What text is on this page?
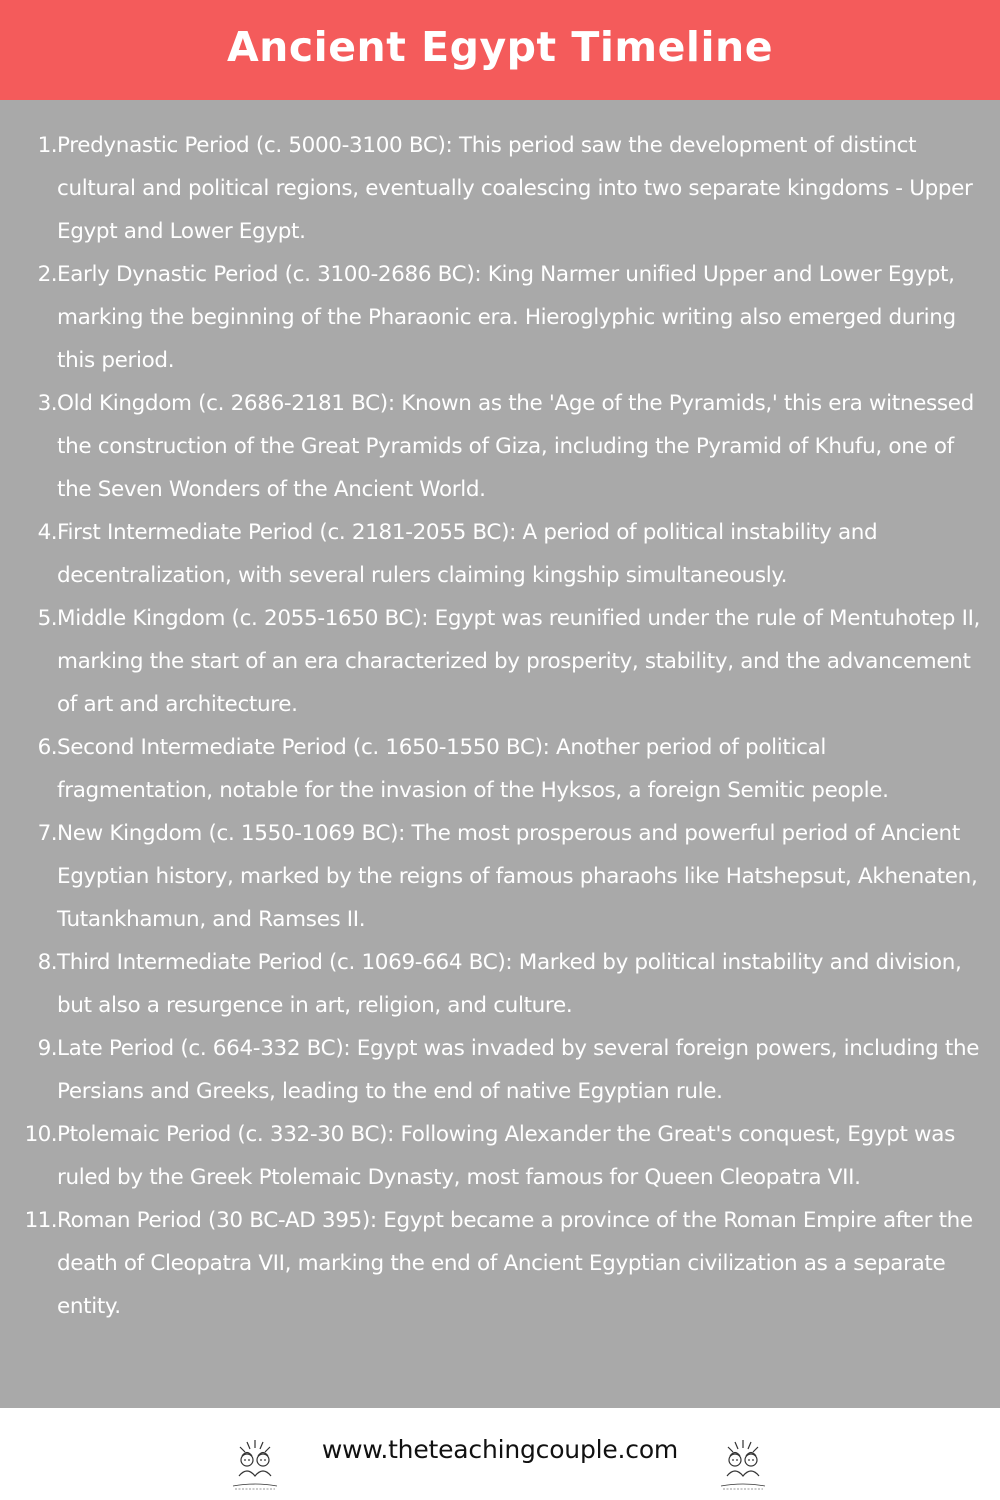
Ancient Egypt Timeline
1. Predynastic Period (c. 5000-3100 BC): This period saw the development of distinct cultural and political regions, eventually coalescing into two separate kingdoms - Upper Egypt and Lower Egypt.
2. Early Dynastic Period (c. 3100-2686 BC): King Narmer unified Upper and Lower Egypt, marking the beginning of the Pharaonic era. Hieroglyphic writing also emerged during this period.
3. Old Kingdom (c. 2686-2181 BC): Known as the 'Age of the Pyramids,' this era witnessed the construction of the Great Pyramids of Giza, including the Pyramid of Khufu, one of the Seven Wonders of the Ancient World.
4. First Intermediate Period (c. 2181-2055 BC): A period of political instability and decentralization, with several rulers claiming kingship simultaneously.
5. Middle Kingdom (c. 2055-1650 BC): Egypt was reunified under the rule of Mentuhotep II, marking the start of an era characterized by prosperity, stability, and the advancement of art and architecture.
6. Second Intermediate Period (c. 1650-1550 BC): Another period of political fragmentation, notable for the invasion of the Hyksos, a foreign Semitic people.
7. New Kingdom (c. 1550-1069 BC): The most prosperous and powerful period of Ancient Egyptian history, marked by the reigns of famous pharaohs like Hatshepsut, Akhenaten, Tutankhamun, and Ramses II.
8. Third Intermediate Period (c. 1069-664 BC): Marked by political instability and division, but also a resurgence in art, religion, and culture.
9. Late Period (c. 664-332 BC): Egypt was invaded by several foreign powers, including the Persians and Greeks, leading to the end of native Egyptian rule.
10. Ptolemaic Period (c. 332-30 BC): Following Alexander the Great's conquest, Egypt was ruled by the Greek Ptolemaic Dynasty, most famous for Queen Cleopatra VII.
11. Roman Period (30 BC-AD 395): Egypt became a province of the Roman Empire after the death of Cleopatra VII, marking the end of Ancient Egyptian civilization as a separate entity.
www.theteachingcouple.com
